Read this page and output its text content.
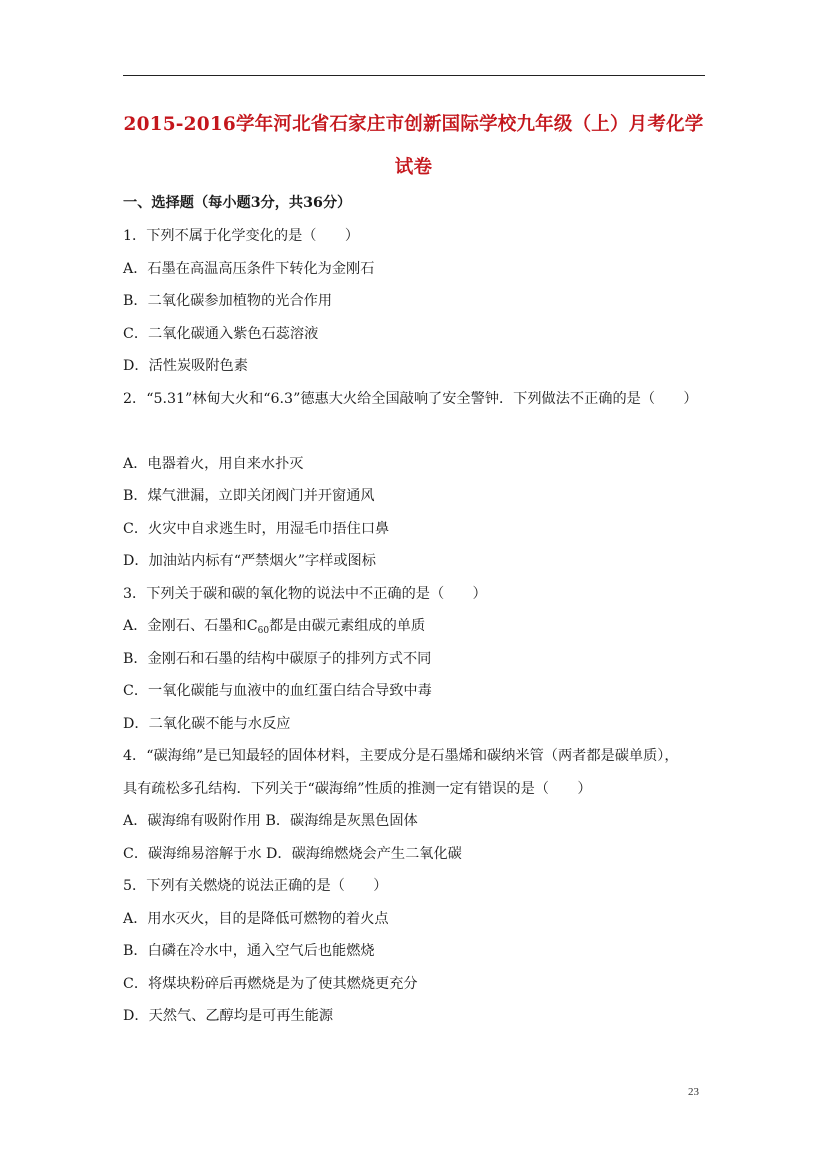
2015-2016学年河北省石家庄市创新国际学校九年级（上）月考化学
试卷
一、选择题（每小题3分，共36分）
1．下列不属于化学变化的是（　　）
A．石墨在高温高压条件下转化为金刚石
B．二氧化碳参加植物的光合作用
C．二氧化碳通入紫色石蕊溶液
D．活性炭吸附色素
2．“5.31”林甸大火和“6.3”德惠大火给全国敲响了安全警钟．下列做法不正确的是（　　）
A．电器着火，用自来水扑灭
B．煤气泄漏，立即关闭阀门并开窗通风
C．火灾中自求逃生时，用湿毛巾捂住口鼻
D．加油站内标有“严禁烟火”字样或图标
3．下列关于碳和碳的氧化物的说法中不正确的是（　　）
A．金刚石、石墨和$C_{60}$都是由碳元素组成的单质
B．金刚石和石墨的结构中碳原子的排列方式不同
C．一氧化碳能与血液中的血红蛋白结合导致中毒
D．二氧化碳不能与水反应
4．“碳海绵”是已知最轻的固体材料，主要成分是石墨烯和碳纳米管（两者都是碳单质），
具有疏松多孔结构．下列关于“碳海绵”性质的推测一定有错误的是（　　）
A．碳海绵有吸附作用 B．碳海绵是灰黑色固体
C．碳海绵易溶解于水 D．碳海绵燃烧会产生二氧化碳
5．下列有关燃烧的说法正确的是（　　）
A．用水灭火，目的是降低可燃物的着火点
B．白磷在冷水中，通入空气后也能燃烧
C．将煤块粉碎后再燃烧是为了使其燃烧更充分
D．天然气、乙醇均是可再生能源
23
